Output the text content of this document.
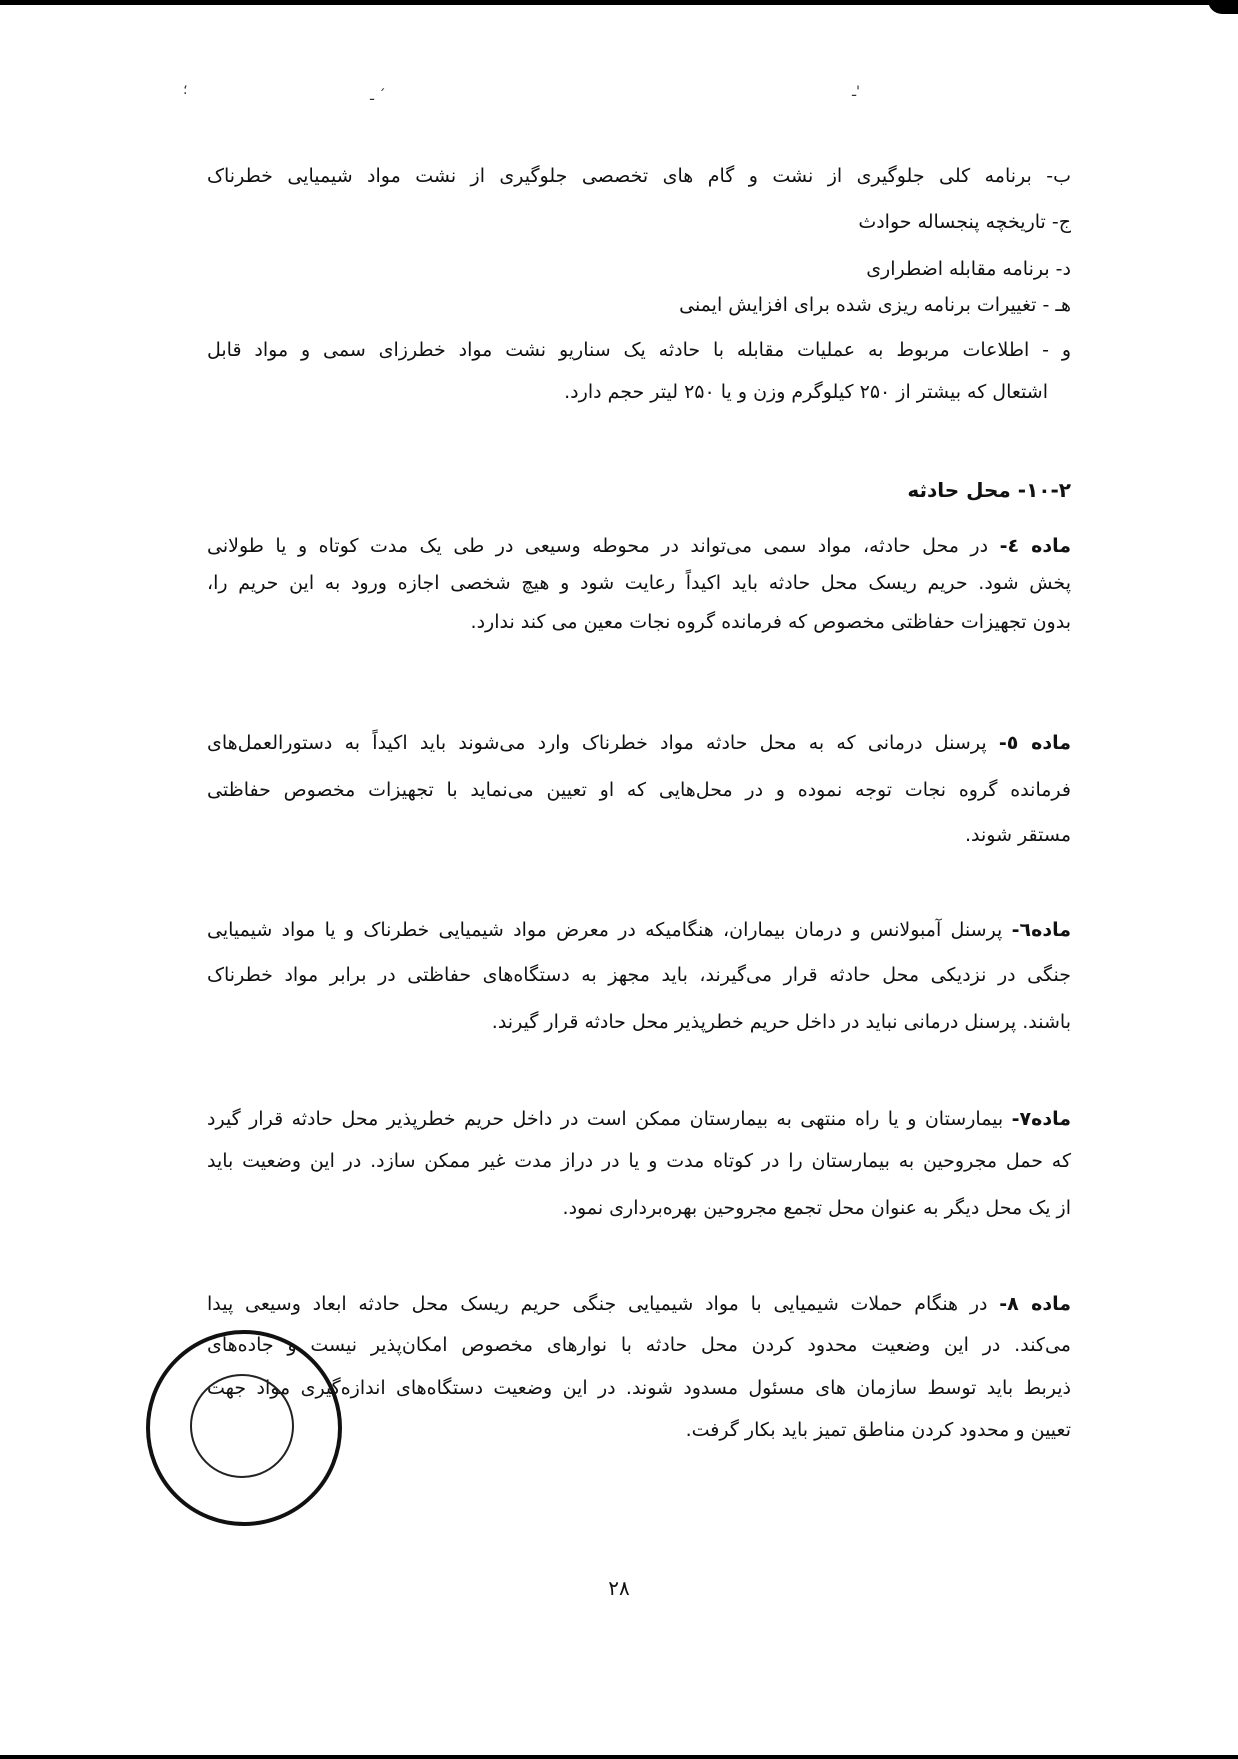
؛	ـ ´	ـ'
ب- برنامه کلی جلوگیری از نشت و گام های تخصصی جلوگیری از نشت مواد شیمیایی خطرناک
ج- تاریخچه پنجساله حوادث
د- برنامه مقابله اضطراری
هـ - تغییرات برنامه ریزی شده برای افزایش ایمنی
و - اطلاعات مربوط به عملیات مقابله با حادثه یک سناریو نشت مواد خطرزای سمی و مواد قابل
اشتعال که بیشتر از ۲۵۰ کیلوگرم وزن و یا ۲۵۰ لیتر حجم دارد.
۱۰-۲- محل حادثه
ماده ٤- در محل حادثه، مواد سمی می‌تواند در محوطه وسیعی در طی یک مدت کوتاه و یا طولانی
پخش شود. حریم ریسک محل حادثه باید اکیداً رعایت شود و هیچ شخصی اجازه ورود به این حریم را،
بدون تجهیزات حفاظتی مخصوص که فرمانده گروه نجات معین می کند ندارد.
ماده ٥- پرسنل درمانی که به محل حادثه مواد خطرناک وارد می‌شوند باید اکیداً به دستورالعمل‌های
فرمانده گروه نجات توجه نموده و در محل‌هایی که او تعیین می‌نماید با تجهیزات مخصوص حفاظتی
مستقر شوند.
ماده٦- پرسنل آمبولانس و درمان بیماران، هنگامیکه در معرض مواد شیمیایی خطرناک و یا مواد شیمیایی
جنگی در نزدیکی محل حادثه قرار می‌گیرند، باید مجهز به دستگاه‌های حفاظتی در برابر مواد خطرناک
باشند. پرسنل درمانی نباید در داخل حریم خطرپذیر محل حادثه قرار گیرند.
ماده٧- بیمارستان و یا راه منتهی به بیمارستان ممکن است در داخل حریم خطرپذیر محل حادثه قرار گیرد
که حمل مجروحین به بیمارستان را در کوتاه مدت و یا در دراز مدت غیر ممکن سازد. در این وضعیت باید
از یک محل دیگر به عنوان محل تجمع مجروحین بهره‌برداری نمود.
ماده ٨- در هنگام حملات شیمیایی با مواد شیمیایی جنگی حریم ریسک محل حادثه ابعاد وسیعی پیدا
می‌کند. در این وضعیت محدود کردن محل حادثه با نوارهای مخصوص امکان‌پذیر نیست و جاده‌های
ذیربط باید توسط سازمان های مسئول مسدود شوند. در این وضعیت دستگاه‌های اندازه‌گیری مواد جهت
تعیین و محدود کردن مناطق تمیز باید بکار گرفت.
۲۸
